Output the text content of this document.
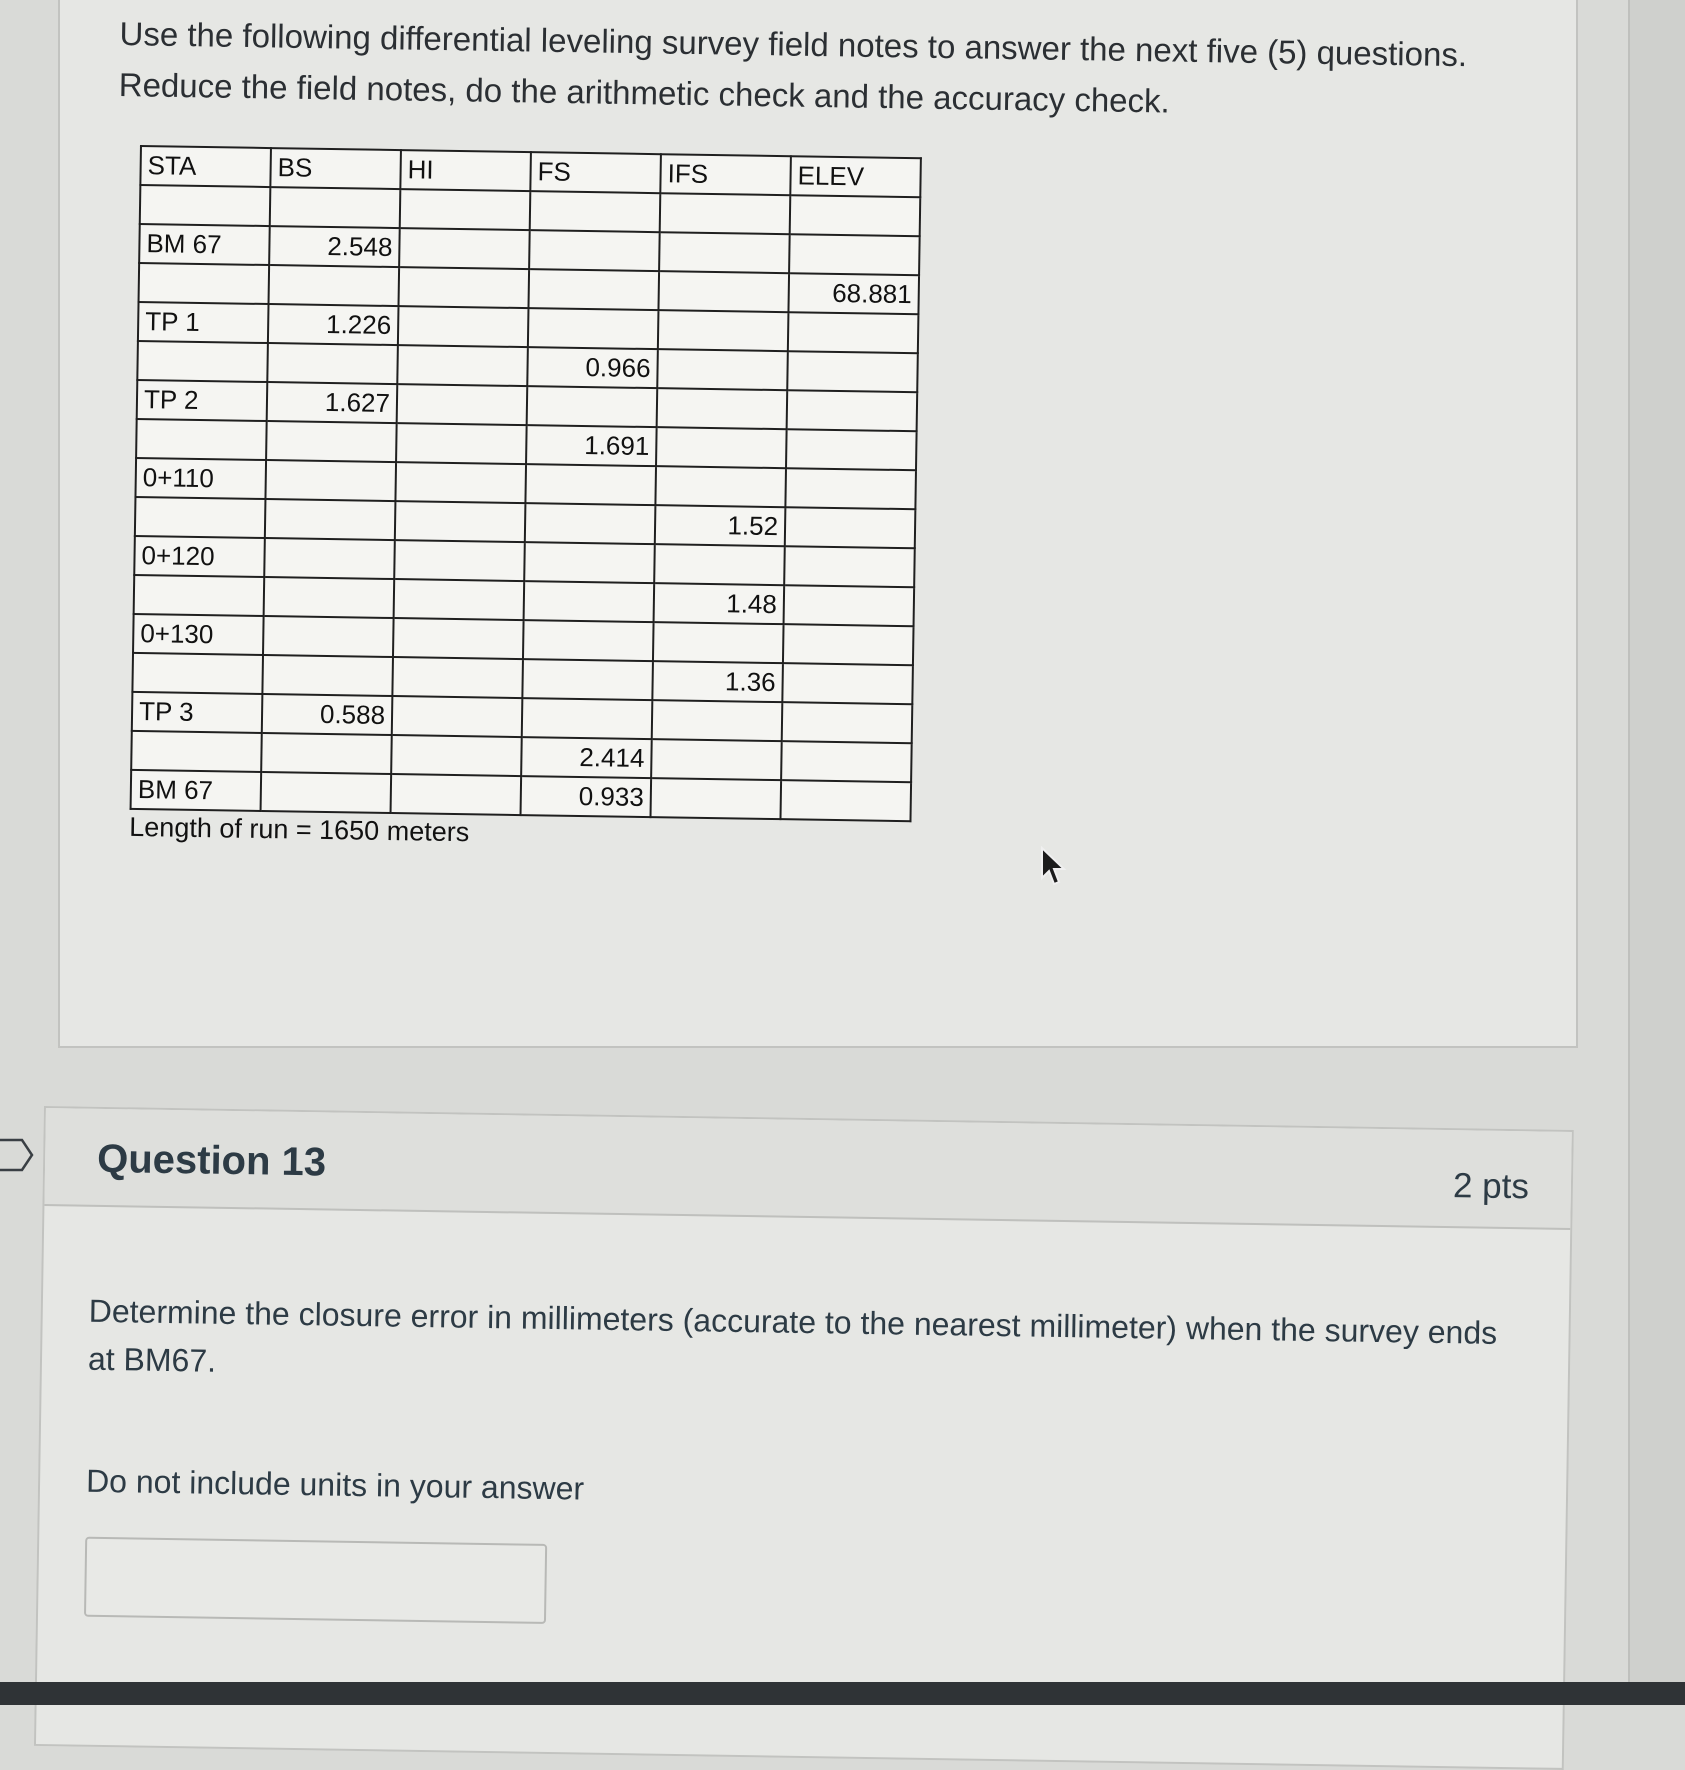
Use the following differential leveling survey field notes to answer the next five (5) questions. Reduce the field notes, do the arithmetic check and the accuracy check.

STA	BS	HI	FS	IFS	ELEV

BM 67	2.548				
					68.881
TP 1	1.226				
			0.966		
TP 2	1.627				
			1.691		
0+110					
				1.52	
0+120					
				1.48	
0+130					
				1.36	
TP 3	0.588				
			2.414		
BM 67			0.933		
Length of run = 1650 meters
Question 13
2 pts

Determine the closure error in millimeters (accurate to the nearest millimeter) when the survey ends at BM67.

Do not include units in your answer
